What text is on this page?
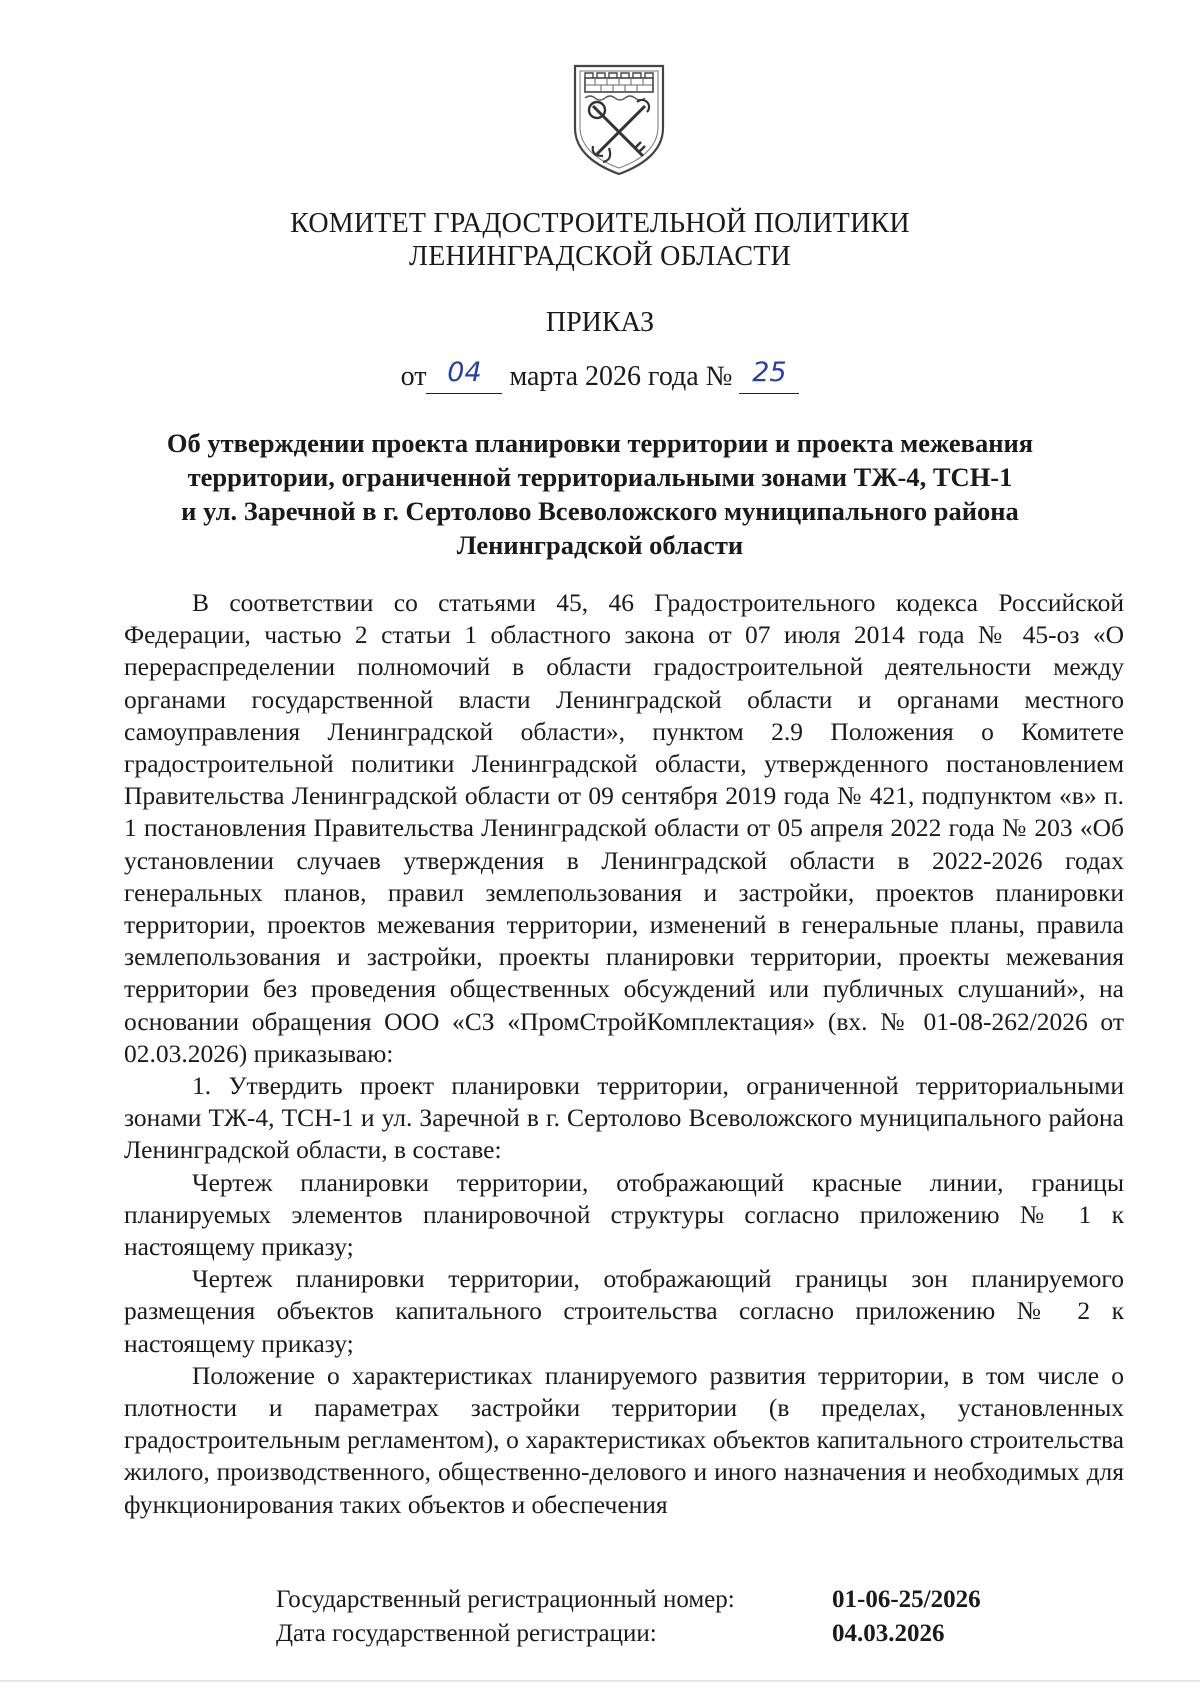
КОМИТЕТ ГРАДОСТРОИТЕЛЬНОЙ ПОЛИТИКИ
ЛЕНИНГРАДСКОЙ ОБЛАСТИ
ПРИКАЗ
от 04 марта 2026 года № 25
Об утверждении проекта планировки территории и проекта межевания
территории, ограниченной территориальными зонами ТЖ-4, ТСН-1
и ул. Заречной в г. Сертолово Всеволожского муниципального района
Ленинградской области

В соответствии со статьями 45, 46 Градостроительного кодекса Российской Федерации, частью 2 статьи 1 областного закона от 07 июля 2014 года № 45-оз «О перераспределении полномочий в области градостроительной деятельности между органами государственной власти Ленинградской области и органами местного самоуправления Ленинградской области», пунктом 2.9 Положения о Комитете градостроительной политики Ленинградской области, утвержденного постановлением Правительства Ленинградской области от 09 сентября 2019 года № 421, подпунктом «в» п. 1 постановления Правительства Ленинградской области от 05 апреля 2022 года № 203 «Об установлении случаев утверждения в Ленинградской области в 2022-2026 годах генеральных планов, правил землепользования и застройки, проектов планировки территории, проектов межевания территории, изменений в генеральные планы, правила землепользования и застройки, проекты планировки территории, проекты межевания территории без проведения общественных обсуждений или публичных слушаний», на основании обращения ООО «СЗ «ПромСтройКомплектация» (вх. № 01-08-262/2026 от 02.03.2026) приказываю:

1. Утвердить проект планировки территории, ограниченной территориальными зонами ТЖ-4, ТСН-1 и ул. Заречной в г. Сертолово Всеволожского муниципального района Ленинградской области, в составе:

Чертеж планировки территории, отображающий красные линии, границы планируемых элементов планировочной структуры согласно приложению № 1 к настоящему приказу;

Чертеж планировки территории, отображающий границы зон планируемого размещения объектов капитального строительства согласно приложению № 2 к настоящему приказу;

Положение о характеристиках планируемого развития территории, в том числе о плотности и параметрах застройки территории (в пределах, установленных градостроительным регламентом), о характеристиках объектов капитального строительства жилого, производственного, общественно-делового и иного назначения и необходимых для функционирования таких объектов и обеспечения

Государственный регистрационный номер:	01-06-25/2026
Дата государственной регистрации:	04.03.2026
